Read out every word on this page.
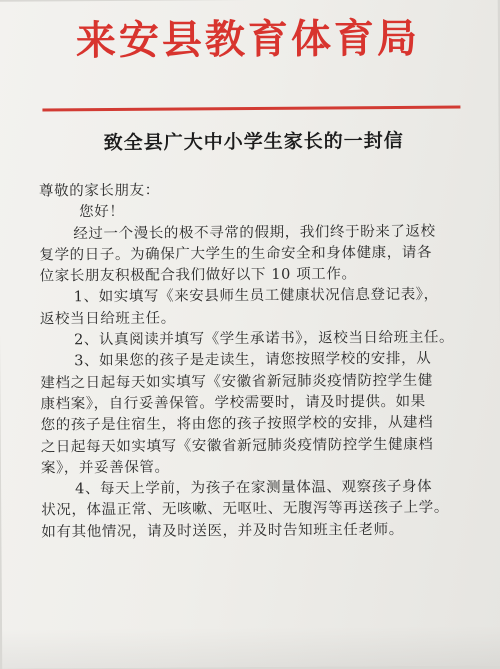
来安县教育体育局
致全县广大中小学生家长的一封信

尊敬的家长朋友：

您好！

经过一个漫长的极不寻常的假期，我们终于盼来了返校

复学的日子。为确保广大学生的生命安全和身体健康，请各

位家长朋友积极配合我们做好以下 10 项工作。

1、如实填写《来安县师生员工健康状况信息登记表》，

返校当日给班主任。

2、认真阅读并填写《学生承诺书》，返校当日给班主任。

3、如果您的孩子是走读生，请您按照学校的安排，从

建档之日起每天如实填写《安徽省新冠肺炎疫情防控学生健

康档案》，自行妥善保管。学校需要时，请及时提供。如果

您的孩子是住宿生，将由您的孩子按照学校的安排，从建档

之日起每天如实填写《安徽省新冠肺炎疫情防控学生健康档

案》，并妥善保管。

4、每天上学前，为孩子在家测量体温、观察孩子身体

状况，体温正常、无咳嗽、无呕吐、无腹泻等再送孩子上学。

如有其他情况，请及时送医，并及时告知班主任老师。
